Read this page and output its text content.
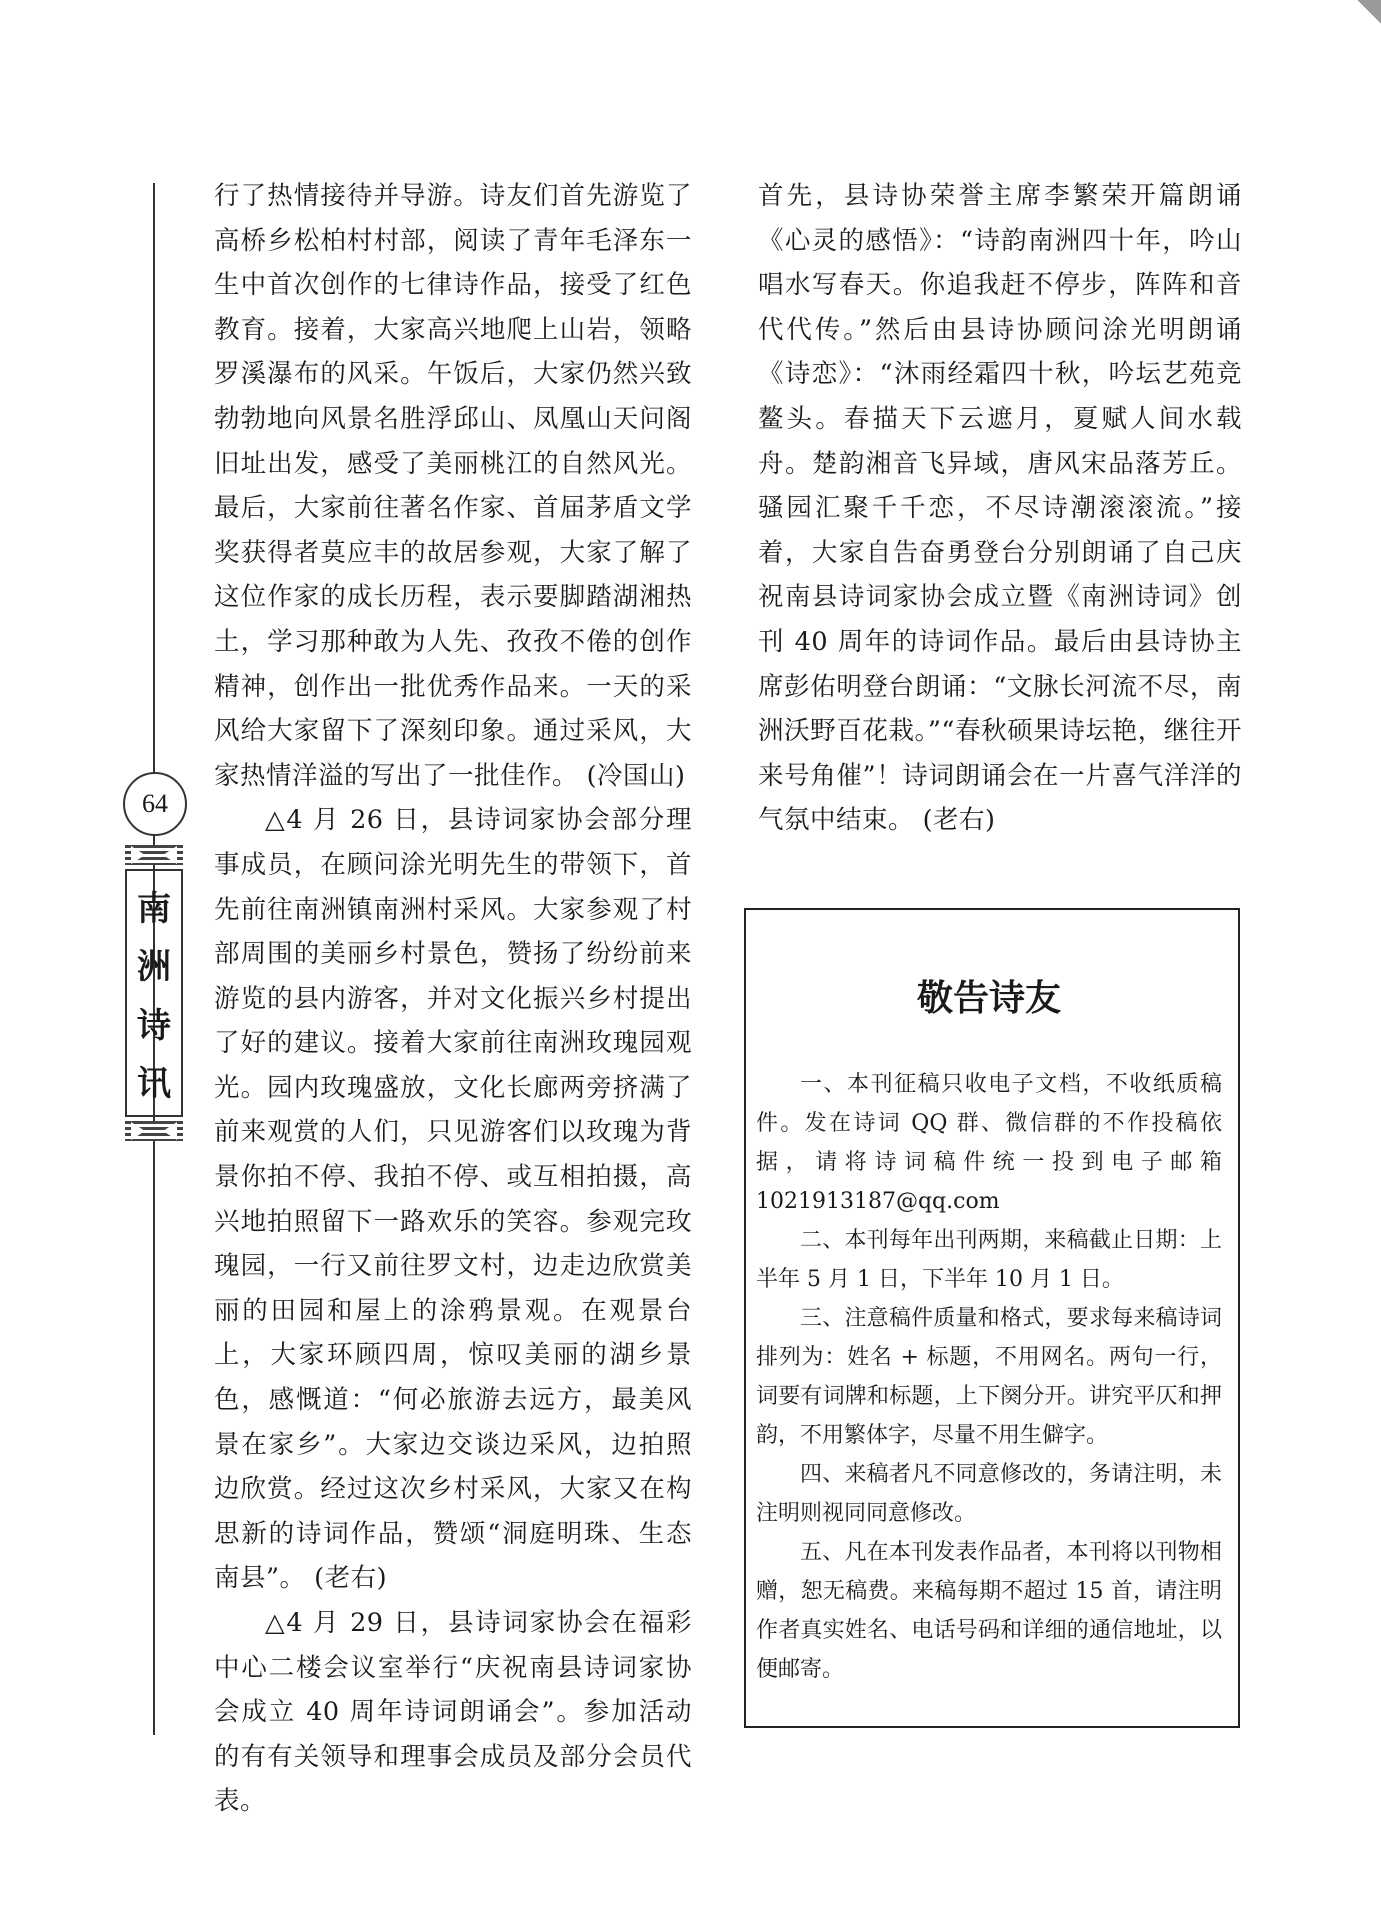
64
南
洲
诗
讯

行了热情接待并导游。诗友们首先游览了高桥乡松柏村村部，阅读了青年毛泽东一生中首次创作的七律诗作品，接受了红色教育。接着，大家高兴地爬上山岩，领略罗溪瀑布的风采。午饭后，大家仍然兴致勃勃地向风景名胜浮邱山、凤凰山天问阁旧址出发，感受了美丽桃江的自然风光。最后，大家前往著名作家、首届茅盾文学奖获得者莫应丰的故居参观，大家了解了这位作家的成长历程，表示要脚踏湖湘热土，学习那种敢为人先、孜孜不倦的创作精神，创作出一批优秀作品来。一天的采风给大家留下了深刻印象。通过采风，大家热情洋溢的写出了一批佳作。 (冷国山)

△4 月 26 日，县诗词家协会部分理事成员，在顾问涂光明先生的带领下，首先前往南洲镇南洲村采风。大家参观了村部周围的美丽乡村景色，赞扬了纷纷前来游览的县内游客，并对文化振兴乡村提出了好的建议。接着大家前往南洲玫瑰园观光。园内玫瑰盛放，文化长廊两旁挤满了前来观赏的人们，只见游客们以玫瑰为背景你拍不停、我拍不停、或互相拍摄，高兴地拍照留下一路欢乐的笑容。参观完玫瑰园，一行又前往罗文村，边走边欣赏美丽的田园和屋上的涂鸦景观。在观景台上，大家环顾四周，惊叹美丽的湖乡景色，感慨道：“何必旅游去远方，最美风景在家乡”。大家边交谈边采风，边拍照边欣赏。经过这次乡村采风，大家又在构思新的诗词作品，赞颂“洞庭明珠、生态南县”。 (老右)

△4 月 29 日，县诗词家协会在福彩中心二楼会议室举行“庆祝南县诗词家协会成立 40 周年诗词朗诵会”。参加活动的有有关领导和理事会成员及部分会员代表。

首先，县诗协荣誉主席李繁荣开篇朗诵《心灵的感悟》：“诗韵南洲四十年，吟山唱水写春天。你追我赶不停步，阵阵和音代代传。”然后由县诗协顾问涂光明朗诵《诗恋》：“沐雨经霜四十秋，吟坛艺苑竞鳌头。春描天下云遮月，夏赋人间水载舟。楚韵湘音飞异域，唐风宋品落芳丘。骚园汇聚千千恋，不尽诗潮滚滚流。”接着，大家自告奋勇登台分别朗诵了自己庆祝南县诗词家协会成立暨《南洲诗词》创刊 40 周年的诗词作品。最后由县诗协主席彭佑明登台朗诵：“文脉长河流不尽，南洲沃野百花栽。”“春秋硕果诗坛艳，继往开来号角催”！诗词朗诵会在一片喜气洋洋的气氛中结束。 (老右)

敬告诗友

一、本刊征稿只收电子文档，不收纸质稿件。发在诗词 QQ 群、微信群的不作投稿依据，请将诗词稿件统一投到电子邮箱 1021913187@qq.com

二、本刊每年出刊两期，来稿截止日期：上半年 5 月 1 日，下半年 10 月 1 日。

三、注意稿件质量和格式，要求每来稿诗词排列为：姓名 + 标题，不用网名。两句一行，词要有词牌和标题，上下阕分开。讲究平仄和押韵，不用繁体字，尽量不用生僻字。

四、来稿者凡不同意修改的，务请注明，未注明则视同同意修改。

五、凡在本刊发表作品者，本刊将以刊物相赠，恕无稿费。来稿每期不超过 15 首，请注明作者真实姓名、电话号码和详细的通信地址，以便邮寄。
